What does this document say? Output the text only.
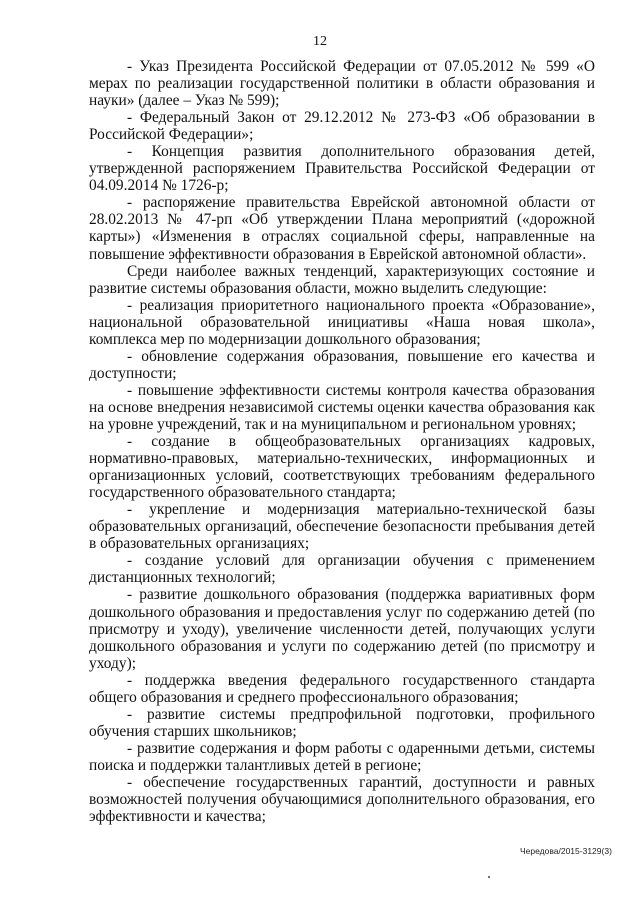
12

- Указ Президента Российской Федерации от 07.05.2012 № 599 «О мерах по реализации государственной политики в области образования и науки» (далее – Указ № 599);

- Федеральный Закон от 29.12.2012 № 273-ФЗ «Об образовании в Российской Федерации»;

- Концепция развития дополнительного образования детей, утвержденной распоряжением Правительства Российской Федерации от 04.09.2014 № 1726-р;

- распоряжение правительства Еврейской автономной области от 28.02.2013 № 47-рп «Об утверждении Плана мероприятий («дорожной карты») «Изменения в отраслях социальной сферы, направленные на повышение эффективности образования в Еврейской автономной области».

Среди наиболее важных тенденций, характеризующих состояние и развитие системы образования области, можно выделить следующие:

- реализация приоритетного национального проекта «Образование», национальной образовательной инициативы «Наша новая школа», комплекса мер по модернизации дошкольного образования;

- обновление содержания образования, повышение его качества и доступности;

- повышение эффективности системы контроля качества образования на основе внедрения независимой системы оценки качества образования как на уровне учреждений, так и на муниципальном и региональном уровнях;

- создание в общеобразовательных организациях кадровых, нормативно-правовых, материально-технических, информационных и организационных условий, соответствующих требованиям федерального государственного образовательного стандарта;

- укрепление и модернизация материально-технической базы образовательных организаций, обеспечение безопасности пребывания детей в образовательных организациях;

- создание условий для организации обучения с применением дистанционных технологий;

- развитие дошкольного образования (поддержка вариативных форм дошкольного образования и предоставления услуг по содержанию детей (по присмотру и уходу), увеличение численности детей, получающих услуги дошкольного образования и услуги по содержанию детей (по присмотру и уходу);

- поддержка введения федерального государственного стандарта общего образования и среднего профессионального образования;

- развитие системы предпрофильной подготовки, профильного обучения старших школьников;

- развитие содержания и форм работы с одаренными детьми, системы поиска и поддержки талантливых детей в регионе;

- обеспечение государственных гарантий, доступности и равных возможностей получения обучающимися дополнительного образования, его эффективности и качества;

Чередова/2015-3129(3)
